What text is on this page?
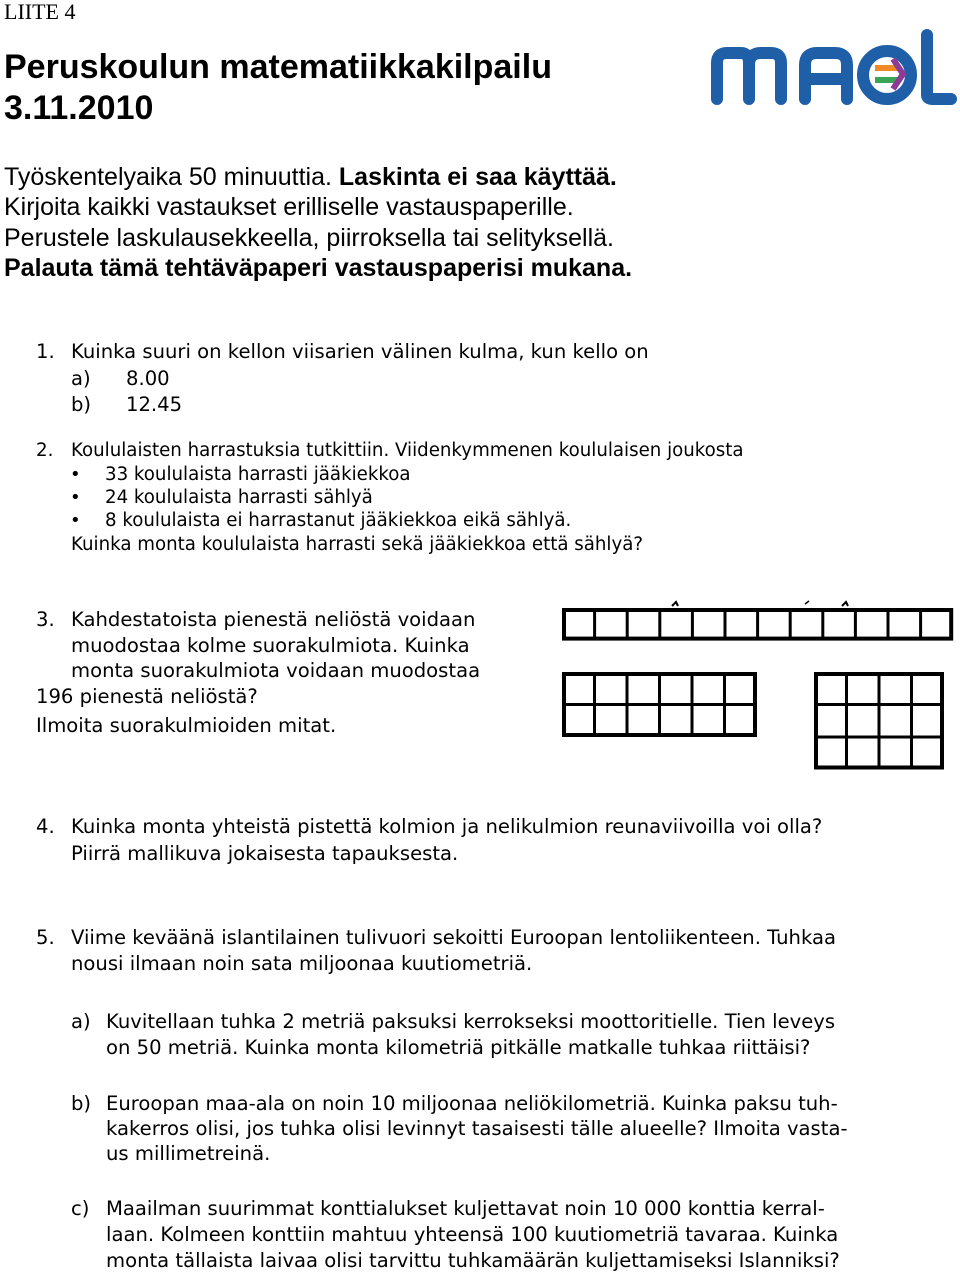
LIITE 4
Peruskoulun matematiikkakilpailu
3.11.2010
Työskentelyaika 50 minuuttia. Laskinta ei saa käyttää.
Kirjoita kaikki vastaukset erilliselle vastauspaperille.
Perustele laskulausekkeella, piirroksella tai selityksellä.
Palauta tämä tehtäväpaperi vastauspaperisi mukana.
1. Kuinka suuri on kellon viisarien välinen kulma, kun kello on
a) 8.00
b) 12.45
2. Koululaisten harrastuksia tutkittiin. Viidenkymmenen koululaisen joukosta
• 33 koululaista harrasti jääkiekkoa
• 24 koululaista harrasti sählyä
• 8 koululaista ei harrastanut jääkiekkoa eikä sählyä.
Kuinka monta koululaista harrasti sekä jääkiekkoa että sählyä?
3. Kahdestatoista pienestä neliöstä voidaan
muodostaa kolme suorakulmiota. Kuinka
monta suorakulmiota voidaan muodostaa
196 pienestä neliöstä?
Ilmoita suorakulmioiden mitat.
4. Kuinka monta yhteistä pistettä kolmion ja nelikulmion reunaviivoilla voi olla?
Piirrä mallikuva jokaisesta tapauksesta.
5. Viime keväänä islantilainen tulivuori sekoitti Euroopan lentoliikenteen. Tuhkaa
nousi ilmaan noin sata miljoonaa kuutiometriä.
a) Kuvitellaan tuhka 2 metriä paksuksi kerrokseksi moottoritielle. Tien leveys
on 50 metriä. Kuinka monta kilometriä pitkälle matkalle tuhkaa riittäisi?
b) Euroopan maa-ala on noin 10 miljoonaa neliökilometriä. Kuinka paksu tuh-
kakerros olisi, jos tuhka olisi levinnyt tasaisesti tälle alueelle? Ilmoita vasta-
us millimetreinä.
c) Maailman suurimmat konttialukset kuljettavat noin 10 000 konttia kerral-
laan. Kolmeen konttiin mahtuu yhteensä 100 kuutiometriä tavaraa. Kuinka
monta tällaista laivaa olisi tarvittu tuhkamäärän kuljettamiseksi Islanniksi?
